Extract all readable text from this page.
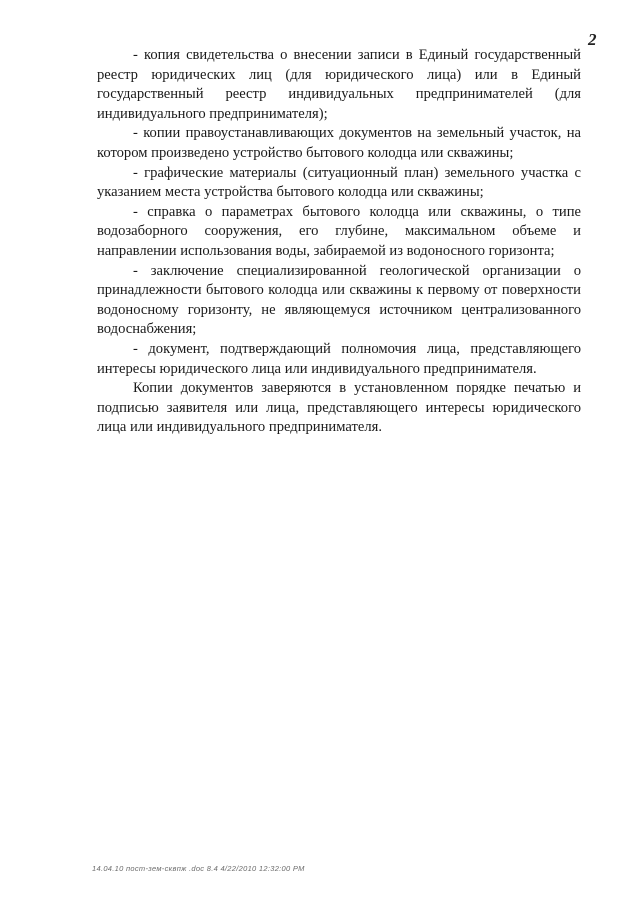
2

- копия свидетельства о внесении записи в Единый государственный реестр юридических лиц (для юридического лица) или в Единый государственный реестр индивидуальных предпринимателей (для индивидуального предпринимателя);

- копии правоустанавливающих документов на земельный участок, на котором произведено устройство бытового колодца или скважины;

- графические материалы (ситуационный план) земельного участка с указанием места устройства бытового колодца или скважины;

- справка о параметрах бытового колодца или скважины, о типе водозаборного сооружения, его глубине, максимальном объеме и направлении использования воды, забираемой из водоносного горизонта;

- заключение специализированной геологической организации о принадлежности бытового колодца или скважины к первому от поверхности водоносному горизонту, не являющемуся источником централизованного водоснабжения;

- документ, подтверждающий полномочия лица, представляющего интересы юридического лица или индивидуального предпринимателя.

Копии документов заверяются в установленном порядке печатью и подписью заявителя или лица, представляющего интересы юридического лица или индивидуального предпринимателя.

14.04.10 пост-зем-сквпж .doc 8.4 4/22/2010 12:32:00 PM
